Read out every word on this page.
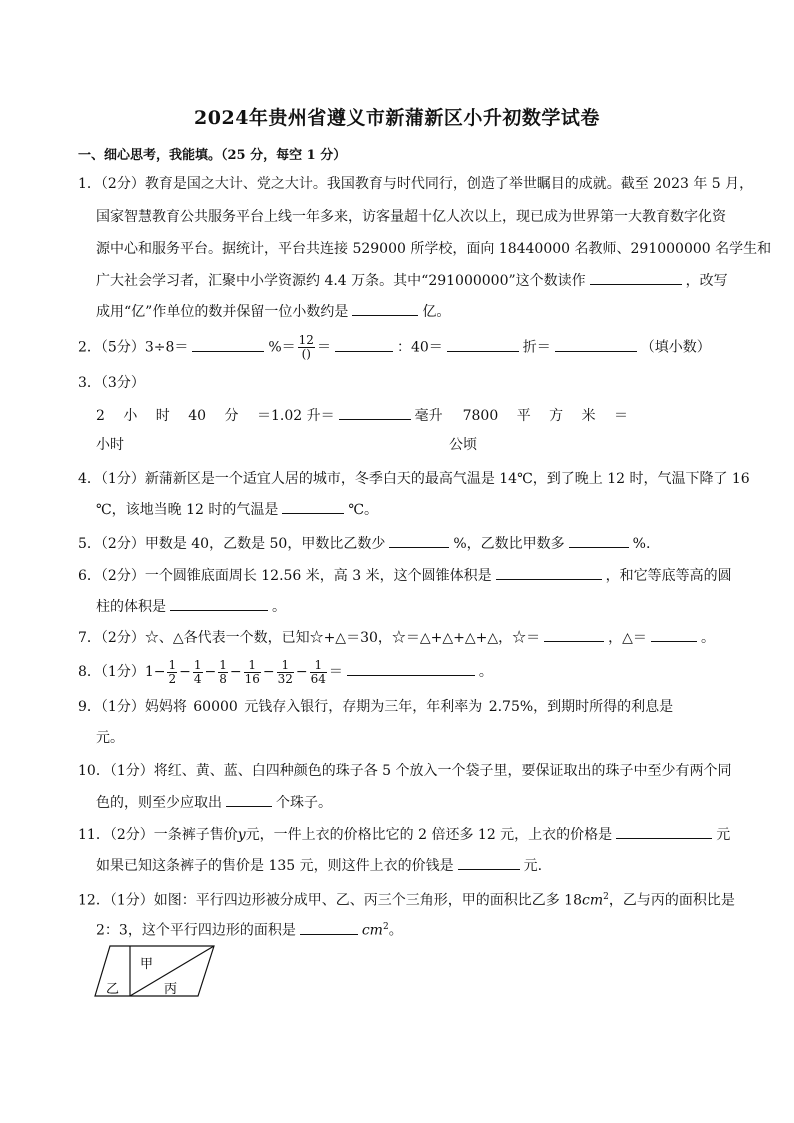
2024年贵州省遵义市新蒲新区小升初数学试卷
一、细心思考，我能填。（25 分，每空 1 分）
1．（2分）教育是国之大计、党之大计。我国教育与时代同行，创造了举世瞩目的成就。截至 2023 年 5 月，
国家智慧教育公共服务平台上线一年多来，访客量超十亿人次以上，现已成为世界第一大教育数字化资
源中心和服务平台。据统计，平台共连接 529000 所学校，面向 18440000 名教师、291000000 名学生和
广大社会学习者，汇聚中小学资源约 4.4 万条。其中“291000000”这个数读作	，改写
成用“亿”作单位的数并保留一位小数约是	亿。
2．（5分）3÷8＝	%＝ $\frac{12}{()}$ ＝	：40＝	折＝	（填小数）
3．（3分）
2 小 时 40 分 ＝1.02 升＝	毫升 7800 平 方 米 ＝
小时	公顷
4．（1分）新蒲新区是一个适宜人居的城市，冬季白天的最高气温是 14℃，到了晚上 12 时，气温下降了 16
℃，该地当晚 12 时的气温是	℃。
5．（2分）甲数是 40，乙数是 50，甲数比乙数少	%，乙数比甲数多	%.
6．（2分）一个圆锥底面周长 12.56 米，高 3 米，这个圆锥体积是	，和它等底等高的圆
柱的体积是	。
7．（2分）☆、△各代表一个数，已知☆+△＝30，☆＝△+△+△+△，☆＝	，△＝	。
8．（1分）$1- \frac{1}{2} - \frac{1}{4} - \frac{1}{8} - \frac{1}{16} - \frac{1}{32} - \frac{1}{64}$ ＝	。
9．（1分）妈妈将 60000 元钱存入银行，存期为三年，年利率为 2.75%，到期时所得的利息是
元。
10．（1分）将红、黄、蓝、白四种颜色的珠子各 5 个放入一个袋子里，要保证取出的珠子中至少有两个同
色的，则至少应取出	个珠子。
11．（2分）一条裤子售价y元，一件上衣的价格比它的 2 倍还多 12 元，上衣的价格是	元
如果已知这条裤子的售价是 135 元，则这件上衣的价钱是	元.
12．（1分）如图：平行四边形被分成甲、乙、丙三个三角形，甲的面积比乙多 $18cm^2$，乙与丙的面积比是
2：3，这个平行四边形的面积是	$cm^2$。
甲
乙	丙
